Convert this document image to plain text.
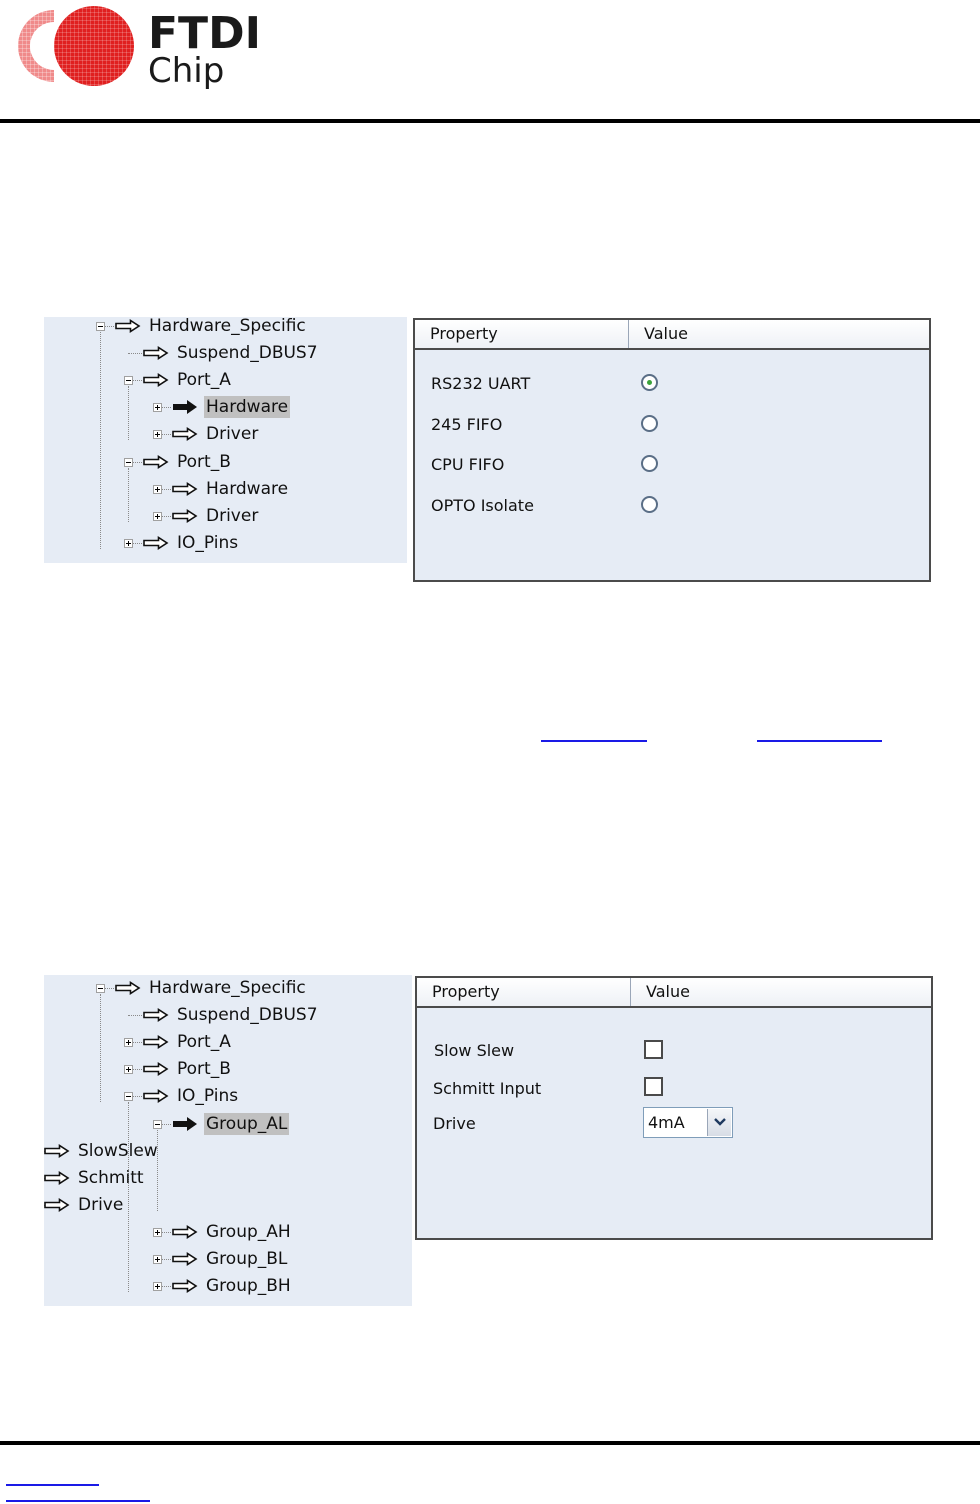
FTDI
Chip
Hardware_Specific
Suspend_DBUS7
Port_A
Hardware
Driver
Port_B
Hardware
Driver
IO_Pins
Property	Value
RS232 UART
245 FIFO
CPU FIFO
OPTO Isolate
Hardware_Specific
Suspend_DBUS7
Port_A
Port_B
IO_Pins
Group_AL
SlowSlew
Schmitt
Drive
Group_AH
Group_BL
Group_BH
Property	Value
Slow Slew
Schmitt Input
Drive	4mA
